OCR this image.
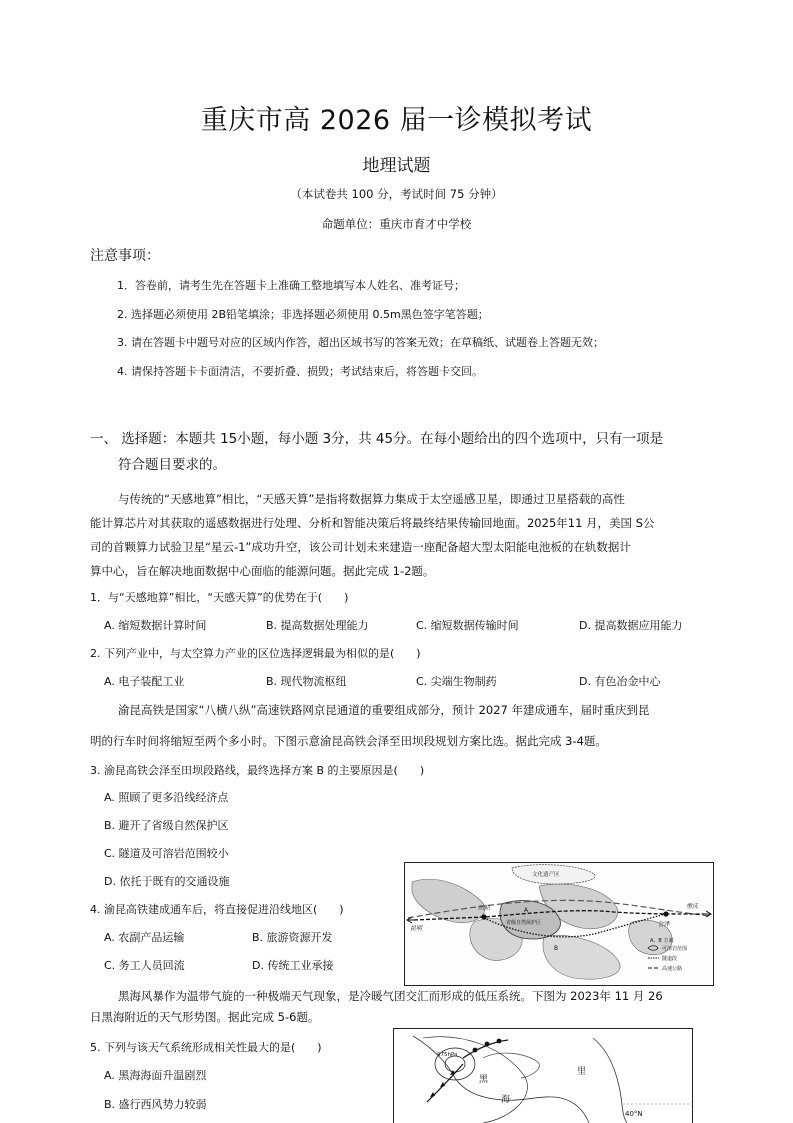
重庆市高 2026 届一诊模拟考试
地理试题
（本试卷共 100 分，考试时间 75 分钟）
命题单位：重庆市育才中学校
注意事项：
1．答卷前，请考生先在答题卡上准确工整地填写本人姓名、准考证号；
2. 选择题必须使用 2B铅笔填涂；非选择题必须使用 0.5m黑色签字笔答题；
3. 请在答题卡中题号对应的区域内作答，超出区域书写的答案无效；在草稿纸、试题卷上答题无效；
4. 请保持答题卡卡面清洁，不要折叠、损毁；考试结束后，将答题卡交回。
一、 选择题：本题共 15小题，每小题 3分，共 45分。在每小题给出的四个选项中，只有一项是
符合题目要求的。
与传统的“天感地算”相比，“天感天算”是指将数据算力集成于太空遥感卫星，即通过卫星搭载的高性
能计算芯片对其获取的遥感数据进行处理、分析和智能决策后将最终结果传输回地面。2025年11 月，美国 S公
司的首颗算力试验卫星“星云-1”成功升空，该公司计划未来建造一座配备超大型太阳能电池板的在轨数据计
算中心，旨在解决地面数据中心面临的能源问题。据此完成 1-2题。
1．与“天感地算”相比，“天感天算”的优势在于(　　)
A. 缩短数据计算时间	B. 提高数据处理能力	C. 缩短数据传输时间	D. 提高数据应用能力
2. 下列产业中，与太空算力产业的区位选择逻辑最为相似的是(　　)
A. 电子装配工业	B. 现代物流枢纽	C. 尖端生物制药	D. 有色冶金中心
渝昆高铁是国家“八横八纵”高速铁路网京昆通道的重要组成部分，预计 2027 年建成通车，届时重庆到昆
明的行车时间将缩短至两个多小时。下图示意渝昆高铁会泽至田坝段规划方案比选。据此完成 3-4题。
3. 渝昆高铁会泽至田坝段路线，最终选择方案 B 的主要原因是(　　)
A. 照顾了更多沿线经济点
B. 避开了省级自然保护区
C. 隧道及可溶岩范围较小
D. 依托于既有的交通设施
4. 渝昆高铁建成通车后，将直接促进沿线地区(　　)
A. 农副产品运输	B. 旅游资源开发
C. 务工人员回流	D. 传统工业承接
文化遗产区
省级自然保护区
田坝
昆明
会泽
重庆
A
B
A、B 方案
可溶岩范围
隧道段
高速公路
黑海风暴作为温带气旋的一种极端天气现象，是冷暖气团交汇而形成的低压系统。下图为 2023年 11 月 26
日黑海附近的天气形势图。据此完成 5-6题。
5. 下列与该天气系统形成相关性最大的是(　　)
A. 黑海海面升温剧烈
B. 盛行西风势力较弱
975hPa
黑
海
里
40°N
